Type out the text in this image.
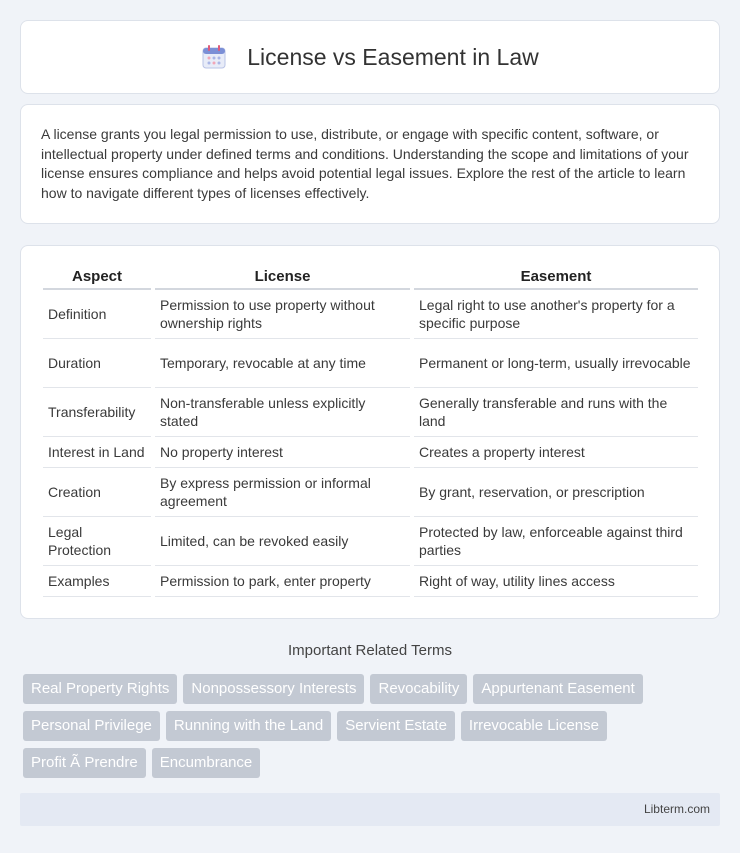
License vs Easement in Law

A license grants you legal permission to use, distribute, or engage with specific content, software, or intellectual property under defined terms and conditions. Understanding the scope and limitations of your license ensures compliance and helps avoid potential legal issues. Explore the rest of the article to learn how to navigate different types of licenses effectively.

Aspect	License	Easement
Definition	Permission to use property without ownership rights	Legal right to use another's property for a specific purpose
Duration	Temporary, revocable at any time	Permanent or long-term, usually irrevocable
Transferability	Non-transferable unless explicitly stated	Generally transferable and runs with the land
Interest in Land	No property interest	Creates a property interest
Creation	By express permission or informal agreement	By grant, reservation, or prescription
Legal Protection	Limited, can be revoked easily	Protected by law, enforceable against third parties
Examples	Permission to park, enter property	Right of way, utility lines access
Important Related Terms
Real Property Rights	Nonpossessory Interests	Revocability	Appurtenant Easement
Personal Privilege	Running with the Land	Servient Estate	Irrevocable License
Profit Ã Prendre	Encumbrance
Libterm.com
